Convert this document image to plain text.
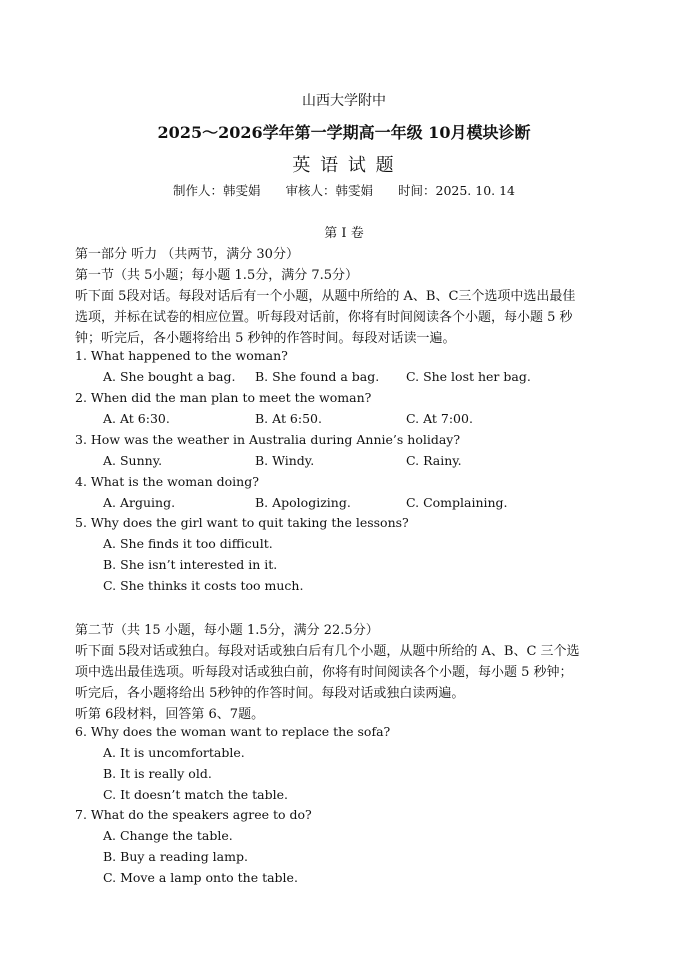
山西大学附中
2025～2026学年第一学期高一年级 10月模块诊断
英 语 试 题
制作人：韩雯娟　　审核人：韩雯娟　　时间：2025. 10. 14
第 I 卷
第一部分 听力 （共两节，满分 30分）
第一节（共 5小题；每小题 1.5分，满分 7.5分）
听下面 5段对话。每段对话后有一个小题，从题中所给的 A、B、C三个选项中选出最佳
选项，并标在试卷的相应位置。听每段对话前，你将有时间阅读各个小题，每小题 5 秒
钟；听完后，各小题将给出 5 秒钟的作答时间。每段对话读一遍。
1. What happened to the woman?
A. She bought a bag. B. She found a bag. C. She lost her bag.
2. When did the man plan to meet the woman?
A. At 6:30.	B. At 6:50.	C. At 7:00.
3. How was the weather in Australia during Annie’s holiday?
A. Sunny.	B. Windy.	C. Rainy.
4. What is the woman doing?
A. Arguing.	B. Apologizing.	C. Complaining.
5. Why does the girl want to quit taking the lessons?
A. She finds it too difficult.
B. She isn’t interested in it.
C. She thinks it costs too much.
第二节（共 15 小题，每小题 1.5分，满分 22.5分）
听下面 5段对话或独白。每段对话或独白后有几个小题，从题中所给的 A、B、C 三个选
项中选出最佳选项。听每段对话或独白前，你将有时间阅读各个小题，每小题 5 秒钟；
听完后，各小题将给出 5秒钟的作答时间。每段对话或独白读两遍。
听第 6段材料，回答第 6、7题。
6. Why does the woman want to replace the sofa?
A. It is uncomfortable.
B. It is really old.
C. It doesn’t match the table.
7. What do the speakers agree to do?
A. Change the table.
B. Buy a reading lamp.
C. Move a lamp onto the table.
